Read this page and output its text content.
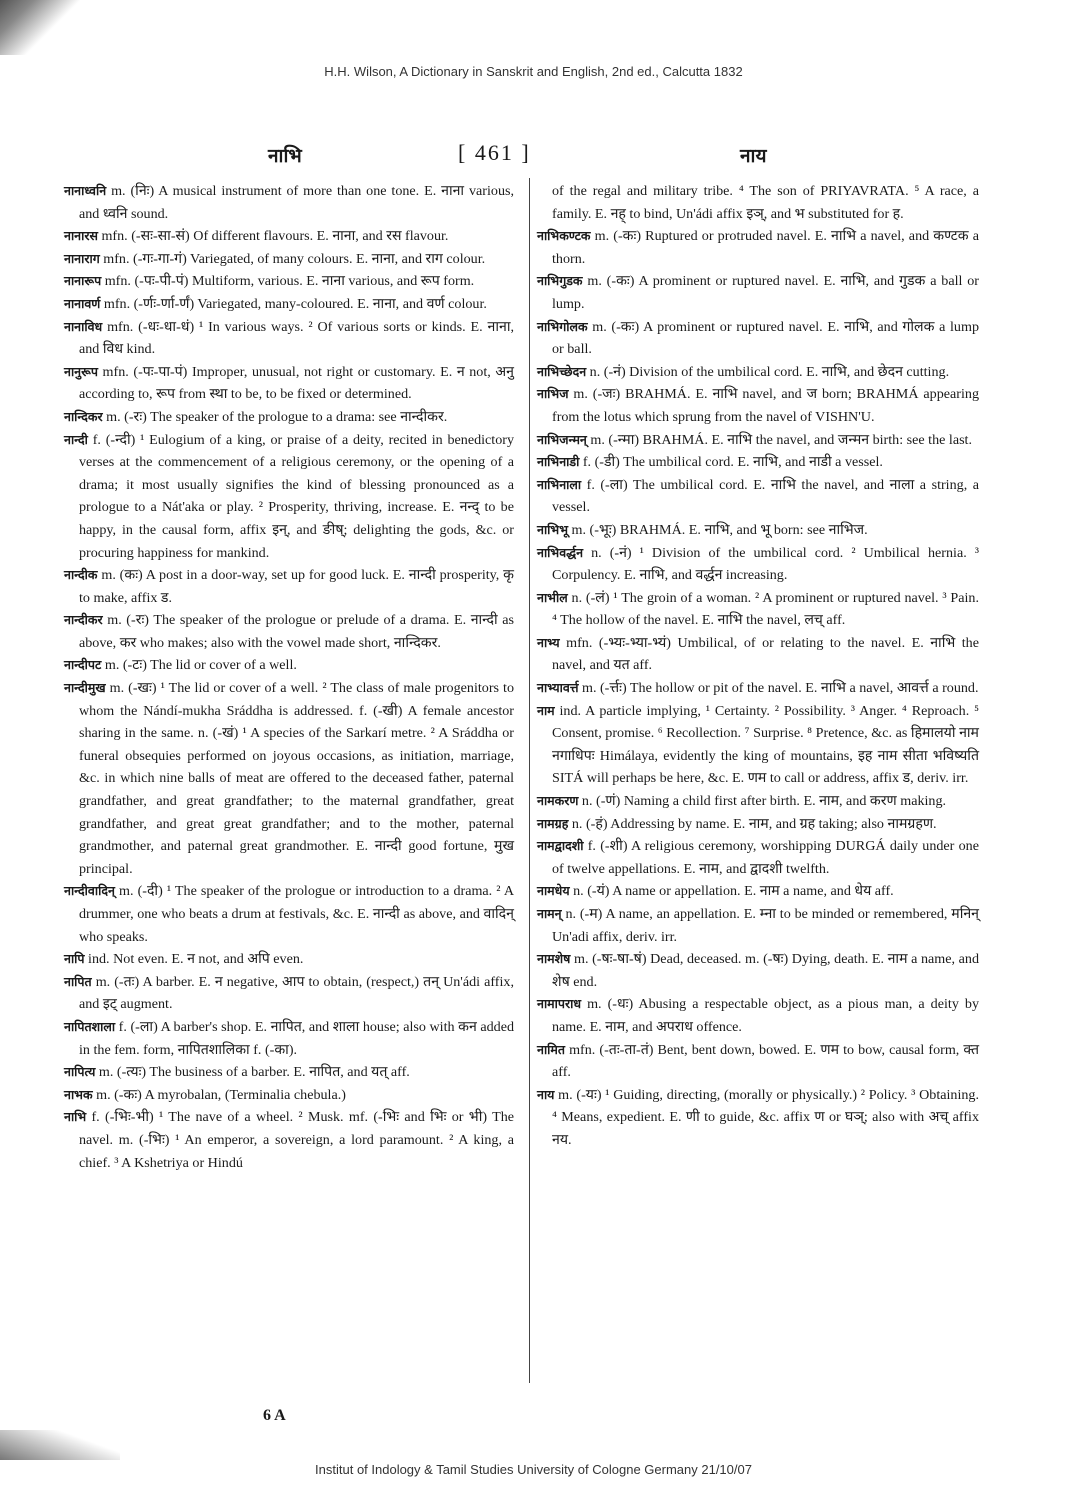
H.H. Wilson, A Dictionary in Sanskrit and English, 2nd ed., Calcutta 1832
नाभि	[ 461 ]	नाय

नानाध्वनि m. (निः) A musical instrument of more than one tone. E. नाना various, and ध्वनि sound.

नानारस mfn. (-सः-सा-सं) Of different flavours. E. नाना, and रस flavour.

नानाराग mfn. (-गः-गा-गं) Variegated, of many colours. E. नाना, and राग colour.

नानारूप mfn. (-पः-पी-पं) Multiform, various. E. नाना various, and रूप form.

नानावर्ण mfn. (-र्णः-र्णा-र्णं) Variegated, many-coloured. E. नाना, and वर्ण colour.

नानाविध mfn. (-धः-धा-धं) ¹ In various ways. ² Of various sorts or kinds. E. नाना, and विध kind.

नानुरूप mfn. (-पः-पा-पं) Improper, unusual, not right or customary. E. न not, अनु according to, रूप from स्था to be, to be fixed or determined.

नान्दिकर m. (-रः) The speaker of the prologue to a drama: see नान्दीकर.

नान्दी f. (-न्दी) ¹ Eulogium of a king, or praise of a deity, recited in benedictory verses at the commencement of a religious ceremony, or the opening of a drama; it most usually signifies the kind of blessing pronounced as a prologue to a Nát'aka or play. ² Prosperity, thriving, increase. E. नन्द् to be happy, in the causal form, affix इन्, and ङीष्; delighting the gods, &c. or procuring happiness for mankind.

नान्दीक m. (कः) A post in a door-way, set up for good luck. E. नान्दी prosperity, कृ to make, affix ड.

नान्दीकर m. (-रः) The speaker of the prologue or prelude of a drama. E. नान्दी as above, कर who makes; also with the vowel made short, नान्दिकर.

नान्दीपट m. (-टः) The lid or cover of a well.

नान्दीमुख m. (-खः) ¹ The lid or cover of a well. ² The class of male progenitors to whom the Nándí-mukha Sráddha is addressed. f. (-खी) A female ancestor sharing in the same. n. (-खं) ¹ A species of the Sarkarí metre. ² A Sráddha or funeral obsequies performed on joyous occasions, as initiation, marriage, &c. in which nine balls of meat are offered to the deceased father, paternal grandfather, and great grandfather; to the maternal grandfather, great grandfather, and great great grandfather; and to the mother, paternal grandmother, and paternal great grandmother. E. नान्दी good fortune, मुख principal.

नान्दीवादिन् m. (-दी) ¹ The speaker of the prologue or introduction to a drama. ² A drummer, one who beats a drum at festivals, &c. E. नान्दी as above, and वादिन् who speaks.

नापि ind. Not even. E. न not, and अपि even.

नापित m. (-तः) A barber. E. न negative, आप to obtain, (respect,) तन् Un'ádi affix, and इट् augment.

नापितशाला f. (-ला) A barber's shop. E. नापित, and शाला house; also with कन added in the fem. form, नापितशालिका f. (-का).

नापित्य m. (-त्यः) The business of a barber. E. नापित, and यत् aff.

नाभक m. (-कः) A myrobalan, (Terminalia chebula.)

नाभि f. (-भिः-भी) ¹ The nave of a wheel. ² Musk. mf. (-भिः and भिः or भी) The navel. m. (-भिः) ¹ An emperor, a sovereign, a lord paramount. ² A king, a chief. ³ A Kshetriya or Hindú

of the regal and military tribe. ⁴ The son of PRIYAVRATA. ⁵ A race, a family. E. नह् to bind, Un'ádi affix इञ्, and भ substituted for ह.

नाभिकण्टक m. (-कः) Ruptured or protruded navel. E. नाभि a navel, and कण्टक a thorn.

नाभिगुडक m. (-कः) A prominent or ruptured navel. E. नाभि, and गुडक a ball or lump.

नाभिगोलक m. (-कः) A prominent or ruptured navel. E. नाभि, and गोलक a lump or ball.

नाभिच्छेदन n. (-नं) Division of the umbilical cord. E. नाभि, and छेदन cutting.

नाभिज m. (-जः) BRAHMÁ. E. नाभि navel, and ज born; BRAHMÁ appearing from the lotus which sprung from the navel of VISHN'U.

नाभिजन्मन् m. (-न्मा) BRAHMÁ. E. नाभि the navel, and जन्मन birth: see the last.

नाभिनाडी f. (-डी) The umbilical cord. E. नाभि, and नाडी a vessel.

नाभिनाला f. (-ला) The umbilical cord. E. नाभि the navel, and नाला a string, a vessel.

नाभिभू m. (-भूः) BRAHMÁ. E. नाभि, and भू born: see नाभिज.

नाभिवर्द्धन n. (-नं) ¹ Division of the umbilical cord. ² Umbilical hernia. ³ Corpulency. E. नाभि, and वर्द्धन increasing.

नाभील n. (-लं) ¹ The groin of a woman. ² A prominent or ruptured navel. ³ Pain. ⁴ The hollow of the navel. E. नाभि the navel, लच् aff.

नाभ्य mfn. (-भ्यः-भ्या-भ्यं) Umbilical, of or relating to the navel. E. नाभि the navel, and यत aff.

नाभ्यावर्त्त m. (-र्त्तः) The hollow or pit of the navel. E. नाभि a navel, आवर्त्त a round.

नाम ind. A particle implying, ¹ Certainty. ² Possibility. ³ Anger. ⁴ Reproach. ⁵ Consent, promise. ⁶ Recollection. ⁷ Surprise. ⁸ Pretence, &c. as हिमालयो नाम नगाधिपः Himálaya, evidently the king of mountains, इह नाम सीता भविष्यति SITÁ will perhaps be here, &c. E. णम to call or address, affix ड, deriv. irr.

नामकरण n. (-णं) Naming a child first after birth. E. नाम, and करण making.

नामग्रह n. (-हं) Addressing by name. E. नाम, and ग्रह taking; also नामग्रहण.

नामद्वादशी f. (-शी) A religious ceremony, worshipping DURGÁ daily under one of twelve appellations. E. नाम, and द्वादशी twelfth.

नामधेय n. (-यं) A name or appellation. E. नाम a name, and धेय aff.

नामन् n. (-म) A name, an appellation. E. म्ना to be minded or remembered, मनिन् Un'adi affix, deriv. irr.

नामशेष m. (-षः-षा-षं) Dead, deceased. m. (-षः) Dying, death. E. नाम a name, and शेष end.

नामापराध m. (-धः) Abusing a respectable object, as a pious man, a deity by name. E. नाम, and अपराध offence.

नामित mfn. (-तः-ता-तं) Bent, bent down, bowed. E. णम to bow, causal form, क्त aff.

नाय m. (-यः) ¹ Guiding, directing, (morally or physically.) ² Policy. ³ Obtaining. ⁴ Means, expedient. E. णी to guide, &c. affix ण or घञ्; also with अच् affix नय.

6 A
Institut of Indology & Tamil Studies University of Cologne Germany 21/10/07
